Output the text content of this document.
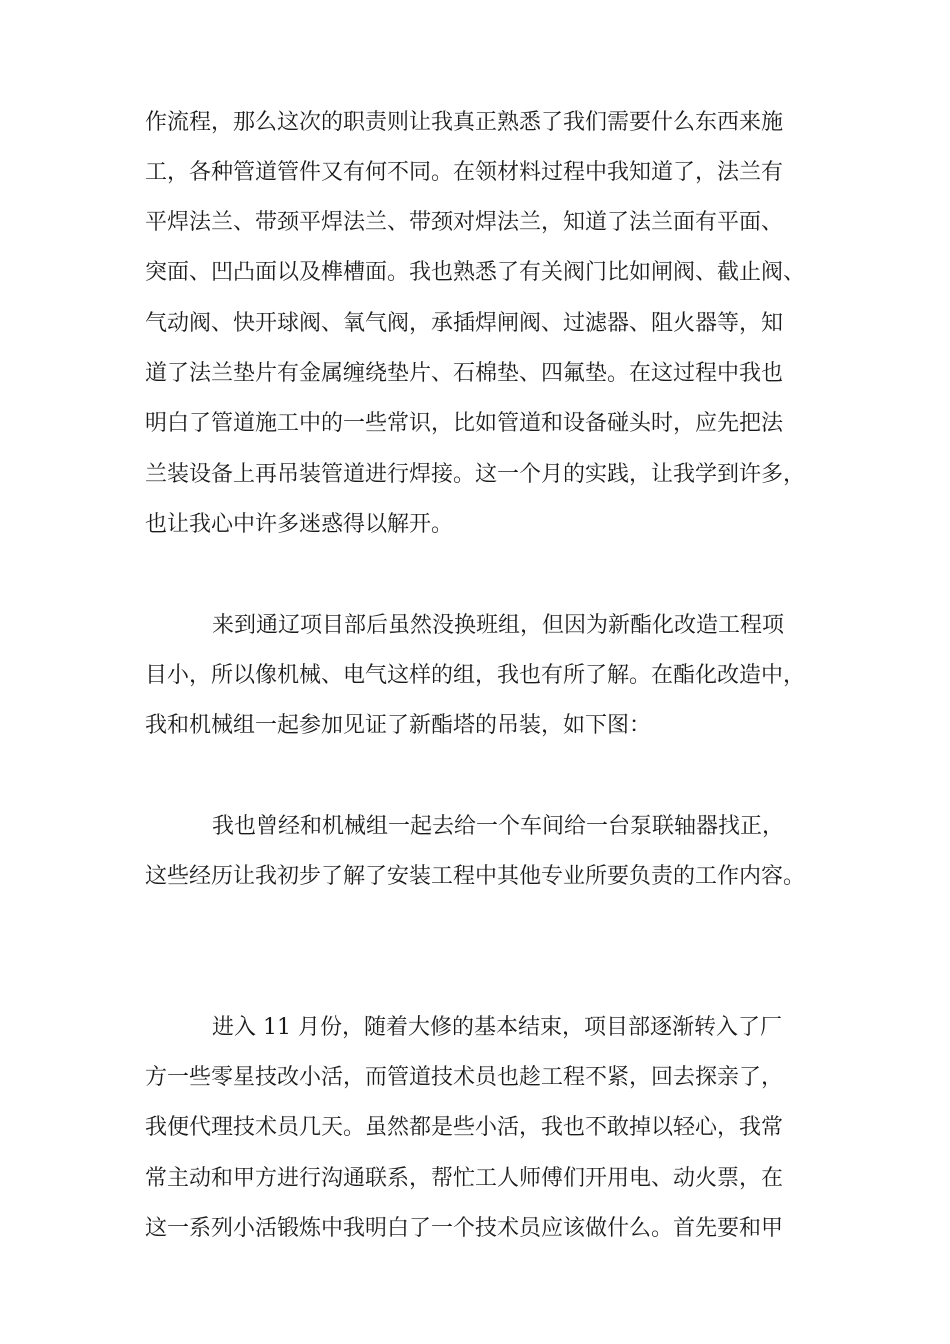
作流程，那么这次的职责则让我真正熟悉了我们需要什么东西来施
工，各种管道管件又有何不同。在领材料过程中我知道了，法兰有
平焊法兰、带颈平焊法兰、带颈对焊法兰，知道了法兰面有平面、
突面、凹凸面以及榫槽面。我也熟悉了有关阀门比如闸阀、截止阀、
气动阀、快开球阀、氧气阀，承插焊闸阀、过滤器、阻火器等，知
道了法兰垫片有金属缠绕垫片、石棉垫、四氟垫。在这过程中我也
明白了管道施工中的一些常识，比如管道和设备碰头时，应先把法
兰装设备上再吊装管道进行焊接。这一个月的实践，让我学到许多，
也让我心中许多迷惑得以解开。
来到通辽项目部后虽然没换班组，但因为新酯化改造工程项
目小，所以像机械、电气这样的组，我也有所了解。在酯化改造中，
我和机械组一起参加见证了新酯塔的吊装，如下图：
我也曾经和机械组一起去给一个车间给一台泵联轴器找正，
这些经历让我初步了解了安装工程中其他专业所要负责的工作内容。
进入 11 月份，随着大修的基本结束，项目部逐渐转入了厂
方一些零星技改小活，而管道技术员也趁工程不紧，回去探亲了，
我便代理技术员几天。虽然都是些小活，我也不敢掉以轻心，我常
常主动和甲方进行沟通联系，帮忙工人师傅们开用电、动火票，在
这一系列小活锻炼中我明白了一个技术员应该做什么。首先要和甲
